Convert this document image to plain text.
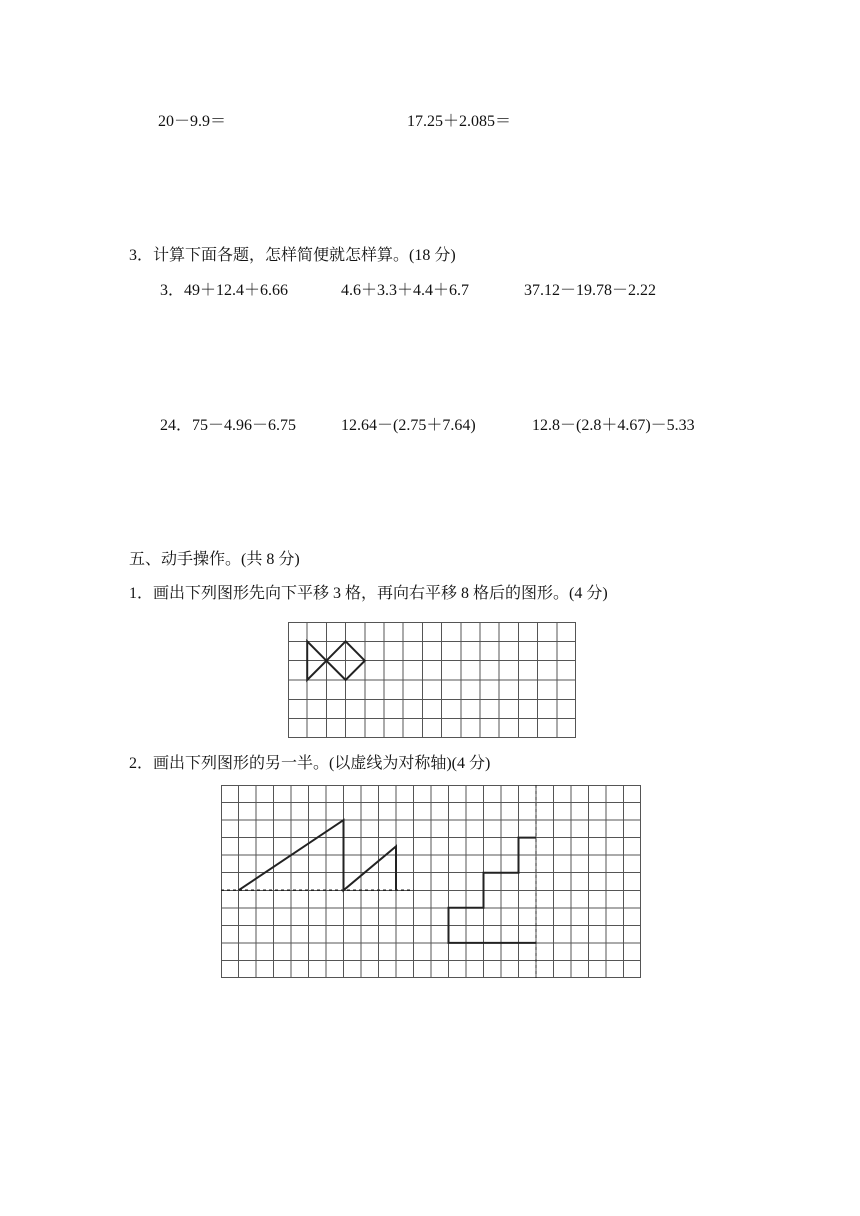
20－9.9＝	17.25＋2.085＝
3．计算下面各题，怎样简便就怎样算。(18 分)
3．49＋12.4＋6.66	4.6＋3.3＋4.4＋6.7	37.12－19.78－2.22
24．75－4.96－6.75	12.64－(2.75＋7.64)	12.8－(2.8＋4.67)－5.33
五、动手操作。(共 8 分)
1．画出下列图形先向下平移 3 格，再向右平移 8 格后的图形。(4 分)
2．画出下列图形的另一半。(以虚线为对称轴)(4 分)
